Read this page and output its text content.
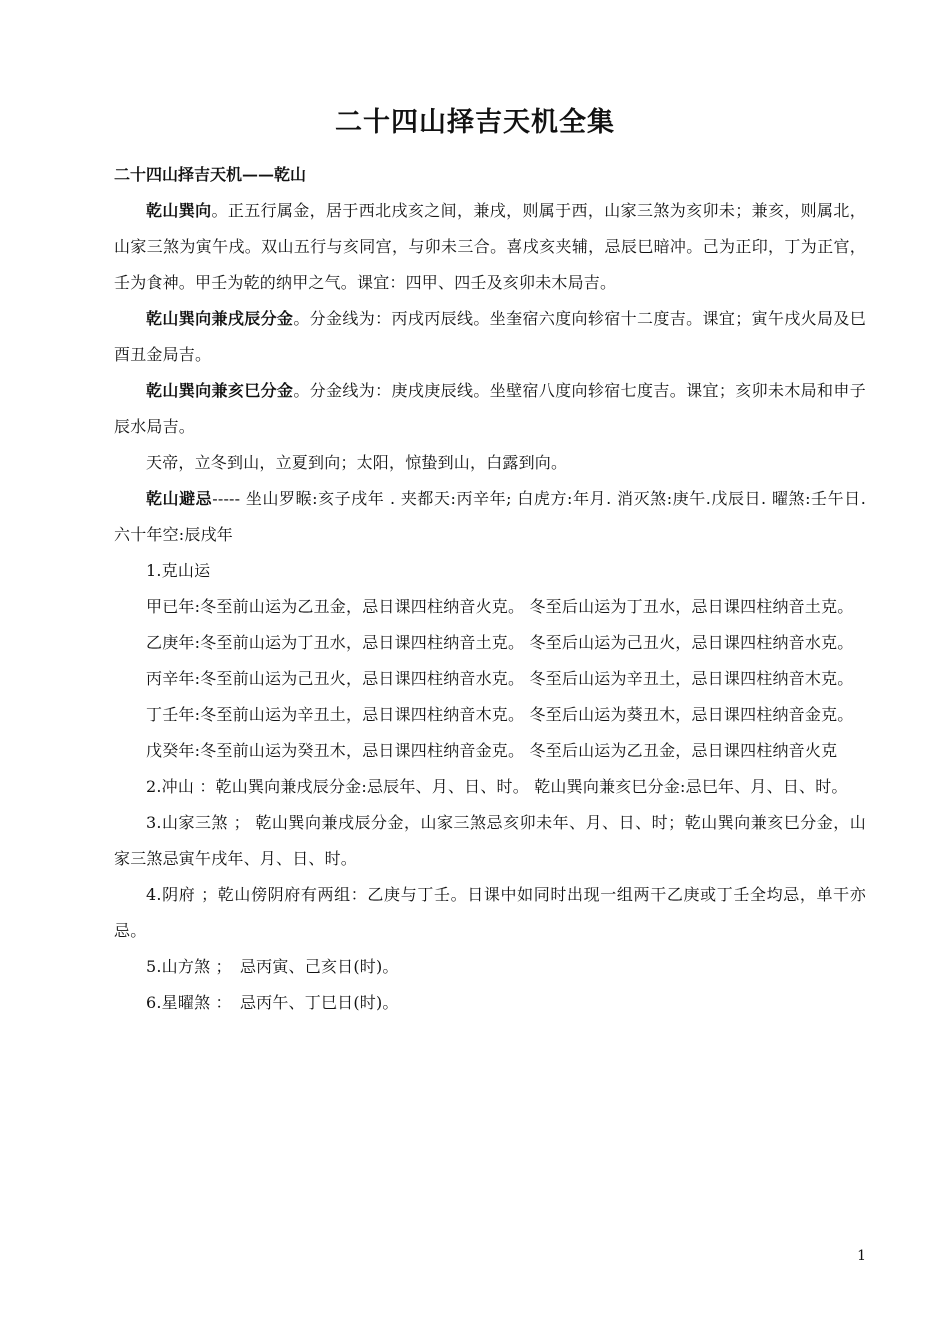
二十四山择吉天机全集
二十四山择吉天机——乾山

乾山巽向。正五行属金，居于西北戌亥之间，兼戌，则属于西，山家三煞为亥卯未；兼亥，则属北，山家三煞为寅午戌。双山五行与亥同宫，与卯未三合。喜戌亥夹辅，忌辰巳暗冲。己为正印，丁为正官，壬为食神。甲壬为乾的纳甲之气。课宜：四甲、四壬及亥卯未木局吉。

乾山巽向兼戌辰分金。分金线为：丙戌丙辰线。坐奎宿六度向轸宿十二度吉。课宜；寅午戌火局及巳酉丑金局吉。

乾山巽向兼亥巳分金。分金线为：庚戌庚辰线。坐壁宿八度向轸宿七度吉。课宜；亥卯未木局和申子辰水局吉。

天帝，立冬到山，立夏到向；太阳，惊蛰到山，白露到向。

乾山避忌----- 坐山罗睺:亥子戌年 . 夹都天:丙辛年; 白虎方:年月. 消灭煞:庚午.戊辰日. 曜煞:壬午日. 六十年空:辰戌年

1.克山运

甲已年:冬至前山运为乙丑金，忌日课四柱纳音火克。 冬至后山运为丁丑水，忌日课四柱纳音土克。

乙庚年:冬至前山运为丁丑水，忌日课四柱纳音土克。 冬至后山运为己丑火，忌日课四柱纳音水克。

丙辛年:冬至前山运为己丑火，忌日课四柱纳音水克。 冬至后山运为辛丑土，忌日课四柱纳音木克。

丁壬年:冬至前山运为辛丑土，忌日课四柱纳音木克。 冬至后山运为葵丑木，忌日课四柱纳音金克。

戊癸年:冬至前山运为癸丑木，忌日课四柱纳音金克。 冬至后山运为乙丑金，忌日课四柱纳音火克

2.冲山 ：乾山巽向兼戌辰分金:忌辰年、月、日、时。 乾山巽向兼亥巳分金:忌巳年、月、日、时。

3.山家三煞 ； 乾山巽向兼戌辰分金，山家三煞忌亥卯未年、月、日、时；乾山巽向兼亥巳分金，山家三煞忌寅午戌年、月、日、时。

4.阴府 ；乾山傍阴府有两组：乙庚与丁壬。日课中如同时出现一组两干乙庚或丁壬全均忌，单干亦忌。

5.山方煞 ；　忌丙寅、己亥日(时)。

6.星曜煞 ：　忌丙午、丁巳日(时)。

1
